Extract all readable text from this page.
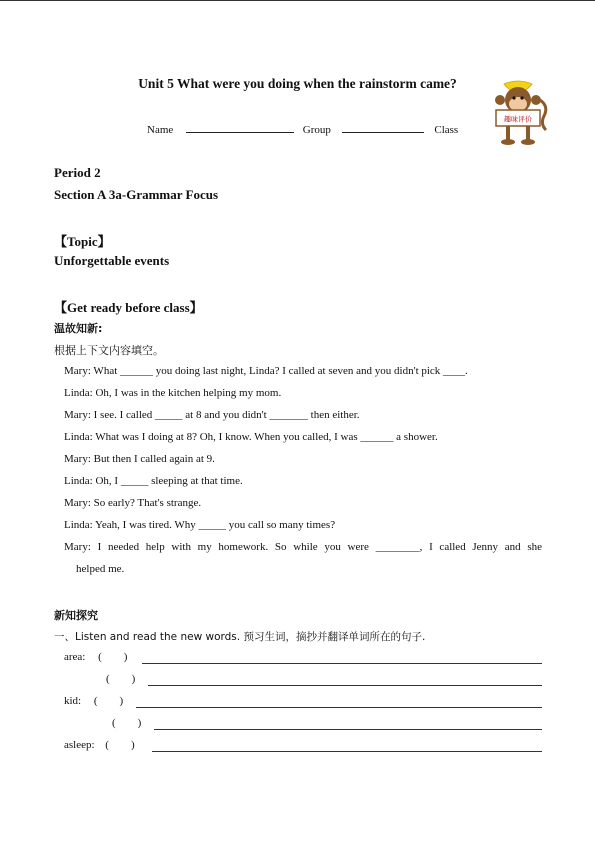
Unit 5 What were you doing when the rainstorm came?
Name	Group	Class
趣味评价
Period 2
Section A 3a-Grammar Focus
【Topic】
Unforgettable events
【Get ready before class】
温故知新:
根据上下文内容填空。
Mary: What ______ you doing last night, Linda? I called at seven and you didn't pick ____.
Linda: Oh, I was in the kitchen helping my mom.
Mary: I see. I called _____ at 8 and you didn't _______ then either.
Linda: What was I doing at 8? Oh, I know. When you called, I was ______ a shower.
Mary: But then I called again at 9.
Linda: Oh, I _____ sleeping at that time.
Mary: So early? That's strange.
Linda: Yeah, I was tired. Why _____ you call so many times?
Mary: I needed help with my homework. So while you were ________, I called Jenny and she
helped me.
新知探究
一、Listen and read the new words. 预习生词，摘抄并翻译单词所在的句子.
area: (        )
(        )
kid: (        )
(        )
asleep: (        )
